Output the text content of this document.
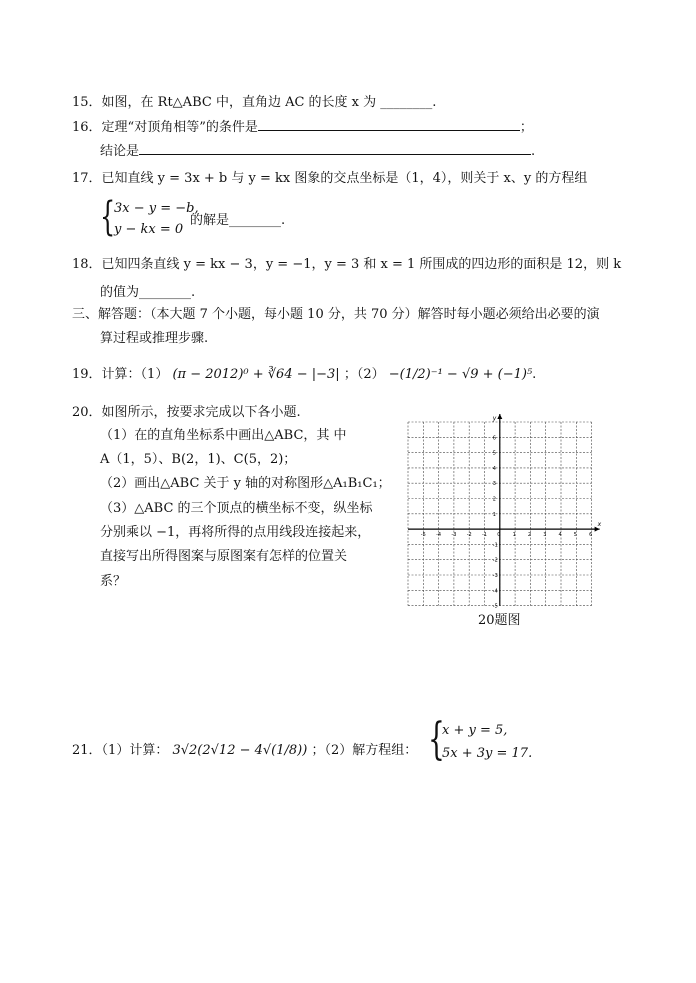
15．如图，在 Rt△ABC 中，直角边 AC 的长度 x 为 ________.
16．定理“对顶角相等”的条件是	；
结论是	.
17．已知直线 y = 3x + b 与 y = kx 图象的交点坐标是（1，4），则关于 x、y 的方程组
{
3x − y = −b,
y − kx = 0
的解是________.
18．已知四条直线 y = kx − 3，y = −1，y = 3 和 x = 1 所围成的四边形的面积是 12，则 k
的值为________.
三、解答题：（本大题 7 个小题，每小题 10 分，共 70 分）解答时每小题必须给出必要的演
算过程或推理步骤.
19．计算：（1） (π − 2012)⁰ + ∛64 − |−3| ；（2） −(1/2)⁻¹ − √9 + (−1)⁵.
20．如图所示，按要求完成以下各小题.
（1）在的直角坐标系中画出△ABC，其 中
A（1，5）、B(2，1)、C(5，2)；
（2）画出△ABC 关于 y 轴的对称图形△A₁B₁C₁；
（3）△ABC 的三个顶点的横坐标不变，纵坐标
分别乘以 −1，再将所得的点用线段连接起来，
直接写出所得图案与原图案有怎样的位置关
系？
x
y
-5 -4 -3 -2 -1 0 1 2 3 4 5 6
6
5
4
3
2
1
-1
-2
-3
-4
-5
20题图
21．（1）计算： 3√2(2√12 − 4√(1/8)) ；（2）解方程组： {
x + y = 5,
5x + 3y = 17.
